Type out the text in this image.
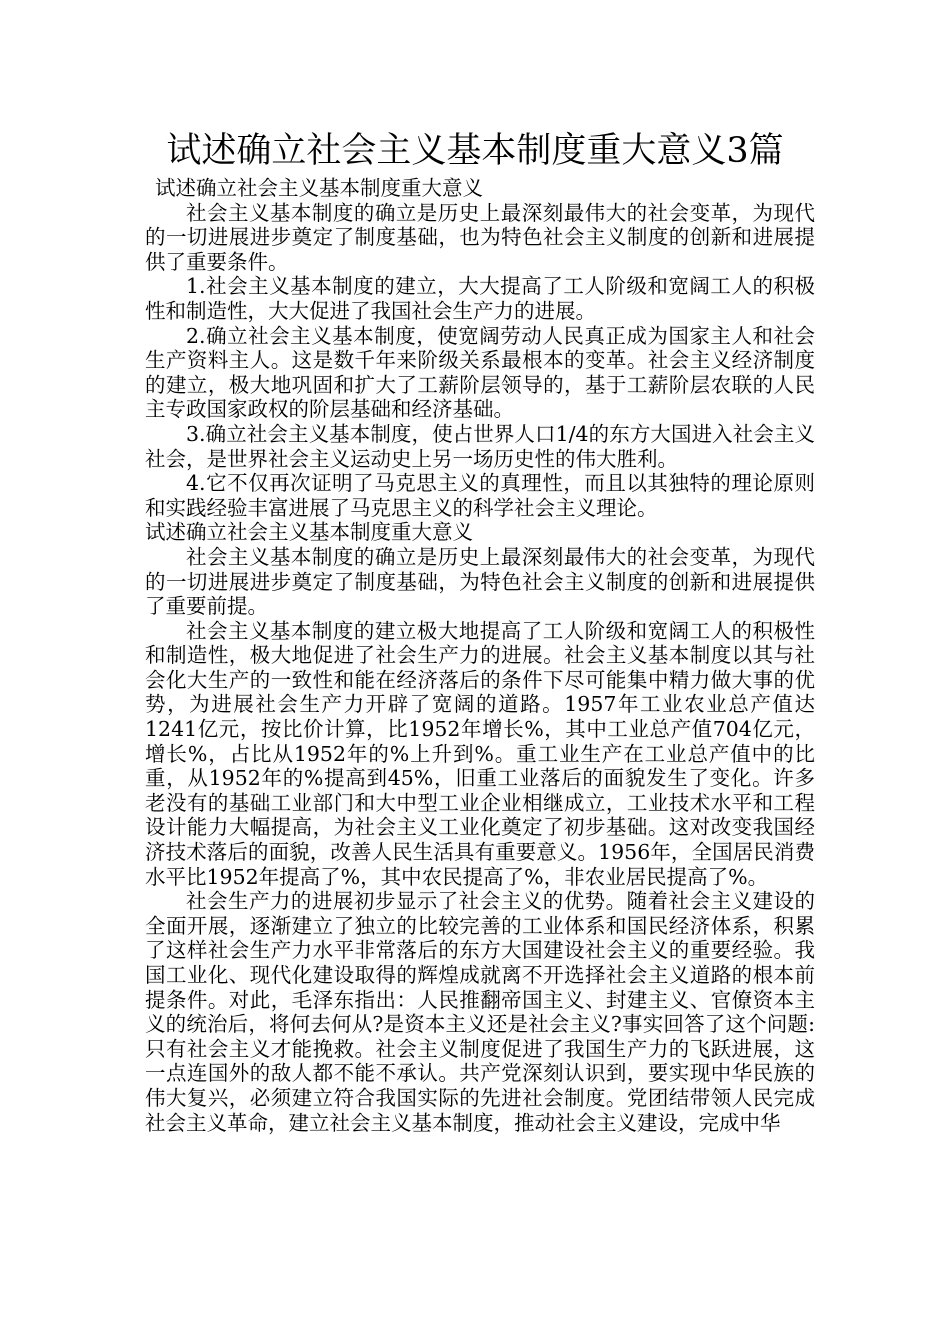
试述确立社会主义基本制度重大意义3篇

试述确立社会主义基本制度重大意义

社会主义基本制度的确立是历史上最深刻最伟大的社会变革，为现代的一切进展进步奠定了制度基础，也为特色社会主义制度的创新和进展提供了重要条件。

1.社会主义基本制度的建立，大大提高了工人阶级和宽阔工人的积极性和制造性，大大促进了我国社会生产力的进展。

2.确立社会主义基本制度，使宽阔劳动人民真正成为国家主人和社会生产资料主人。这是数千年来阶级关系最根本的变革。社会主义经济制度的建立，极大地巩固和扩大了工薪阶层领导的，基于工薪阶层农联的人民主专政国家政权的阶层基础和经济基础。

3.确立社会主义基本制度，使占世界人口1/4的东方大国进入社会主义社会，是世界社会主义运动史上另一场历史性的伟大胜利。

4.它不仅再次证明了马克思主义的真理性，而且以其独特的理论原则和实践经验丰富进展了马克思主义的科学社会主义理论。

试述确立社会主义基本制度重大意义

社会主义基本制度的确立是历史上最深刻最伟大的社会变革，为现代的一切进展进步奠定了制度基础，为特色社会主义制度的创新和进展提供了重要前提。

社会主义基本制度的建立极大地提高了工人阶级和宽阔工人的积极性和制造性，极大地促进了社会生产力的进展。社会主义基本制度以其与社会化大生产的一致性和能在经济落后的条件下尽可能集中精力做大事的优势，为进展社会生产力开辟了宽阔的道路。1957年工业农业总产值达1241亿元，按比价计算，比1952年增长%，其中工业总产值704亿元，增长%，占比从1952年的%上升到%。重工业生产在工业总产值中的比重，从1952年的%提高到45%，旧重工业落后的面貌发生了变化。许多老没有的基础工业部门和大中型工业企业相继成立，工业技术水平和工程设计能力大幅提高，为社会主义工业化奠定了初步基础。这对改变我国经济技术落后的面貌，改善人民生活具有重要意义。1956年，全国居民消费水平比1952年提高了%，其中农民提高了%，非农业居民提高了%。

社会生产力的进展初步显示了社会主义的优势。随着社会主义建设的全面开展，逐渐建立了独立的比较完善的工业体系和国民经济体系，积累了这样社会生产力水平非常落后的东方大国建设社会主义的重要经验。我国工业化、现代化建设取得的辉煌成就离不开选择社会主义道路的根本前提条件。对此，毛泽东指出：人民推翻帝国主义、封建主义、官僚资本主义的统治后，将何去何从?是资本主义还是社会主义?事实回答了这个问题:只有社会主义才能挽救。社会主义制度促进了我国生产力的飞跃进展，这一点连国外的敌人都不能不承认。共产党深刻认识到，要实现中华民族的伟大复兴，必须建立符合我国实际的先进社会制度。党团结带领人民完成社会主义革命，建立社会主义基本制度，推动社会主义建设，完成中华
